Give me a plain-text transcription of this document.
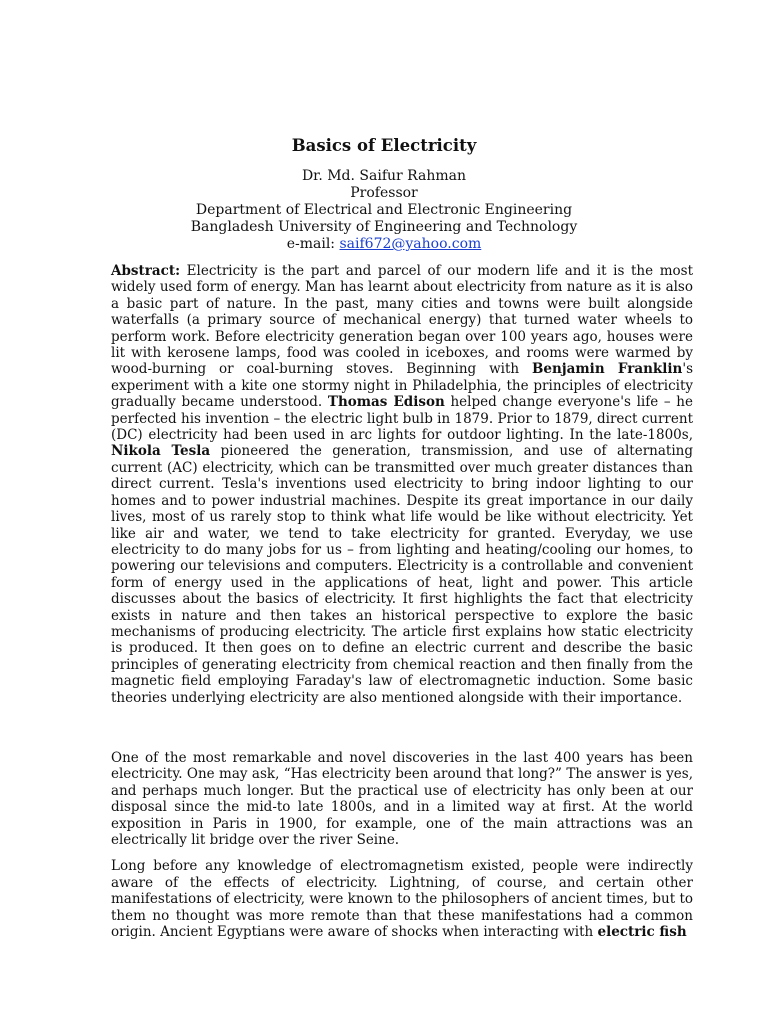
Basics of Electricity
Dr. Md. Saifur Rahman
Professor
Department of Electrical and Electronic Engineering
Bangladesh University of Engineering and Technology
e-mail: saif672@yahoo.com
Abstract: Electricity is the part and parcel of our modern life and it is the most widely used form of energy. Man has learnt about electricity from nature as it is also a basic part of nature. In the past, many cities and towns were built alongside waterfalls (a primary source of mechanical energy) that turned water wheels to perform work. Before electricity generation began over 100 years ago, houses were lit with kerosene lamps, food was cooled in iceboxes, and rooms were warmed by wood-burning or coal-burning stoves. Beginning with Benjamin Franklin's experiment with a kite one stormy night in Philadelphia, the principles of electricity gradually became understood. Thomas Edison helped change everyone's life – he perfected his invention – the electric light bulb in 1879. Prior to 1879, direct current (DC) electricity had been used in arc lights for outdoor lighting. In the late-1800s, Nikola Tesla pioneered the generation, transmission, and use of alternating current (AC) electricity, which can be transmitted over much greater distances than direct current. Tesla's inventions used electricity to bring indoor lighting to our homes and to power industrial machines. Despite its great importance in our daily lives, most of us rarely stop to think what life would be like without electricity. Yet like air and water, we tend to take electricity for granted. Everyday, we use electricity to do many jobs for us – from lighting and heating/cooling our homes, to powering our televisions and computers. Electricity is a controllable and convenient form of energy used in the applications of heat, light and power. This article discusses about the basics of electricity. It first highlights the fact that electricity exists in nature and then takes an historical perspective to explore the basic mechanisms of producing electricity. The article first explains how static electricity is produced. It then goes on to define an electric current and describe the basic principles of generating electricity from chemical reaction and then finally from the magnetic field employing Faraday's law of electromagnetic induction. Some basic theories underlying electricity are also mentioned alongside with their importance.

One of the most remarkable and novel discoveries in the last 400 years has been electricity. One may ask, “Has electricity been around that long?” The answer is yes, and perhaps much longer. But the practical use of electricity has only been at our disposal since the mid-to late 1800s, and in a limited way at first. At the world exposition in Paris in 1900, for example, one of the main attractions was an electrically lit bridge over the river Seine.

Long before any knowledge of electromagnetism existed, people were indirectly aware of the effects of electricity. Lightning, of course, and certain other manifestations of electricity, were known to the philosophers of ancient times, but to them no thought was more remote than that these manifestations had a common origin. Ancient Egyptians were aware of shocks when interacting with electric fish
